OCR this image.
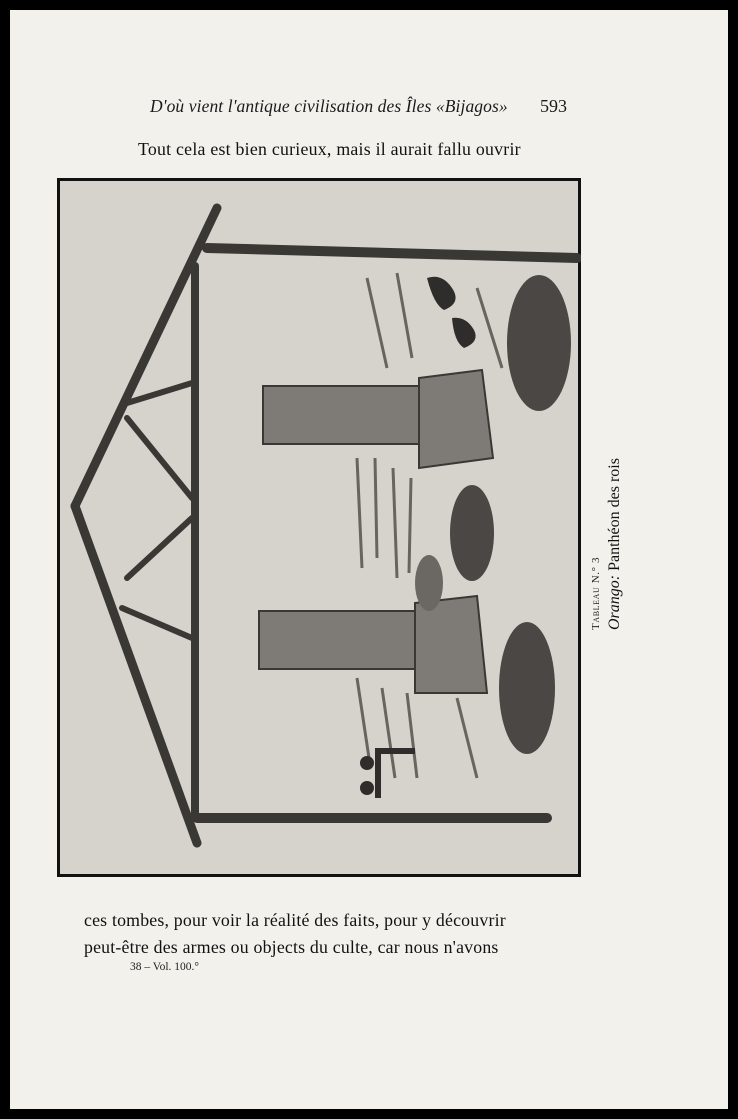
D'où vient l'antique civilisation des Îles «Bijagos»	593
Tout cela est bien curieux, mais il aurait fallu ouvrir
Tableau N.° 3 Orango: Panthéon des rois
ces tombes, pour voir la réalité des faits, pour y découvrir
peut-être des armes ou objects du culte, car nous n'avons
38 – Vol. 100.°
